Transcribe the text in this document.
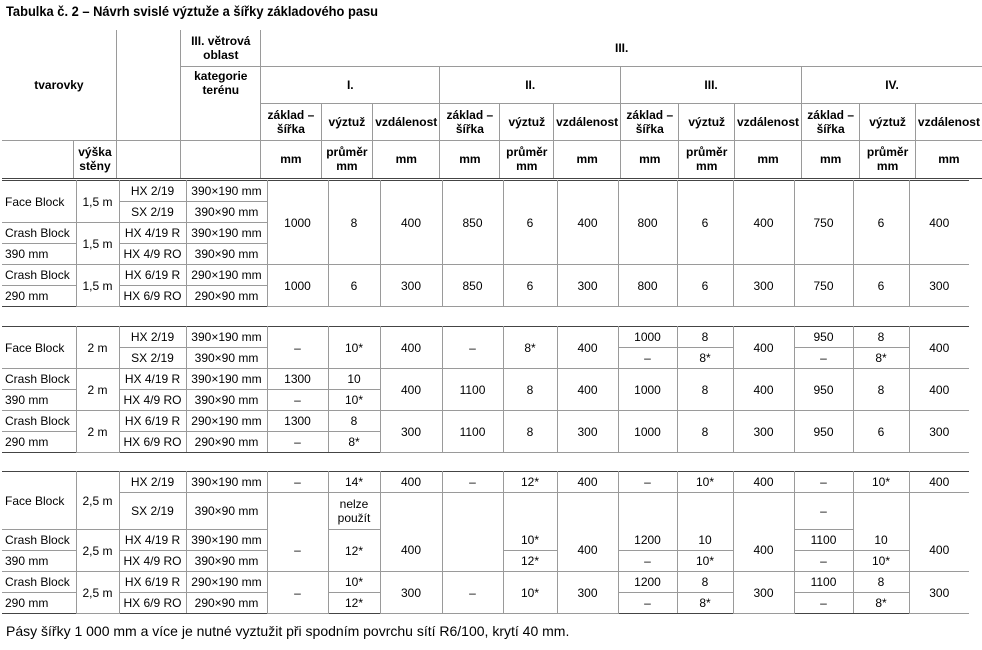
Tabulka č. 2 – Návrh svislé výztuže a šířky základového pasu
tvarovky			III. větrová oblast	III.											
			kategorie terénu	I.			II.			III.			IV.		
				základ – šířka	výztuž	vzdálenost	základ – šířka	výztuž	vzdálenost	základ – šířka	výztuž	vzdálenost	základ – šířka	výztuž	vzdálenost
	výška stěny			mm	průměr mm	mm	mm	průměr mm	mm	mm	průměr mm	mm	mm	průměr mm	mm
Face Block	1,5 m	HX 2/19	390×190 mm	1000	8	400	850	6	400	800	6	400	750	6	400
		SX 2/19	390×90 mm												
Crash Block	1,5 m	HX 4/19 R	390×190 mm												
390 mm		HX 4/9 RO	390×90 mm												
Crash Block	1,5 m	HX 6/19 R	290×190 mm	1000	6	300	850	6	300	800	6	300	750	6	300
290 mm		HX 6/9 RO	290×90 mm												
Face Block	2 m	HX 2/19	390×190 mm	–	10*	400	–	8*	400	1000	8	400	950	8	400
		SX 2/19	390×90 mm							–	8*		–	8*	
Crash Block	2 m	HX 4/19 R	390×190 mm	1300	10	400	1100	8	400	1000	8	400	950	8	400
390 mm		HX 4/9 RO	390×90 mm	–	10*										
Crash Block	2 m	HX 6/19 R	290×190 mm	1300	8	300	1100	8	300	1000	8	300	950	6	300
290 mm		HX 6/9 RO	290×90 mm	–	8*										
Face Block	2,5 m	HX 2/19	390×190 mm	–	14*	400	–	12*	400	–	10*	400	–	10*	400
		SX 2/19	390×90 mm		nelze použít								–		
Crash Block	2,5 m	HX 4/19 R	390×190 mm	–	12*	400		10*	400	1200	10	400	1100	10	400
390 mm		HX 4/9 RO	390×90 mm					12*		–	10*		–	10*	
Crash Block	2,5 m	HX 6/19 R	290×190 mm	–	10*	300	–	10*	300	1200	8	300	1100	8	300
290 mm		HX 6/9 RO	290×90 mm		12*					–	8*		–	8*	
Pásy šířky 1 000 mm a více je nutné vyztužit při spodním povrchu sítí R6/100, krytí 40 mm.
